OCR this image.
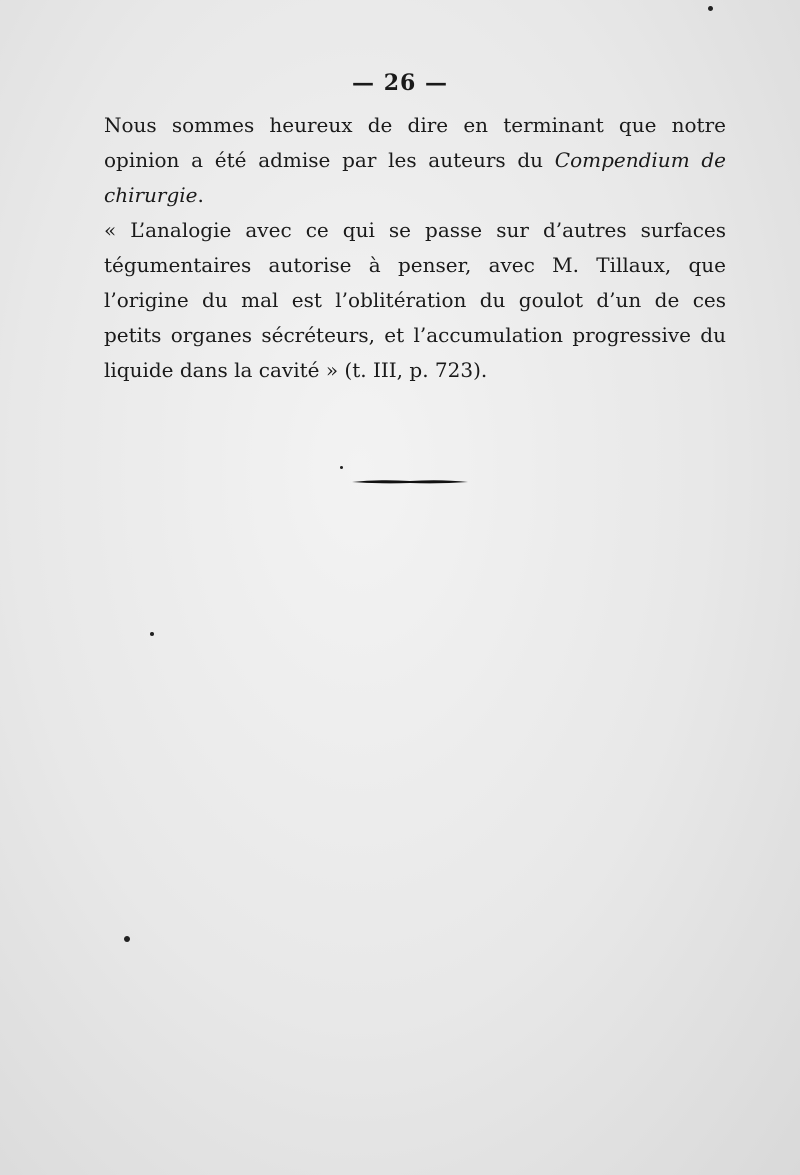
— 26 —

Nous sommes heureux de dire en terminant que notre opinion a été admise par les auteurs du Compendium de chirurgie.

« L’analogie avec ce qui se passe sur d’autres surfaces tégumentaires autorise à penser, avec M. Tillaux, que l’origine du mal est l’oblitération du goulot d’un de ces petits organes sécréteurs, et l’accumulation progressive du liquide dans la cavité » (t. III, p. 723).
